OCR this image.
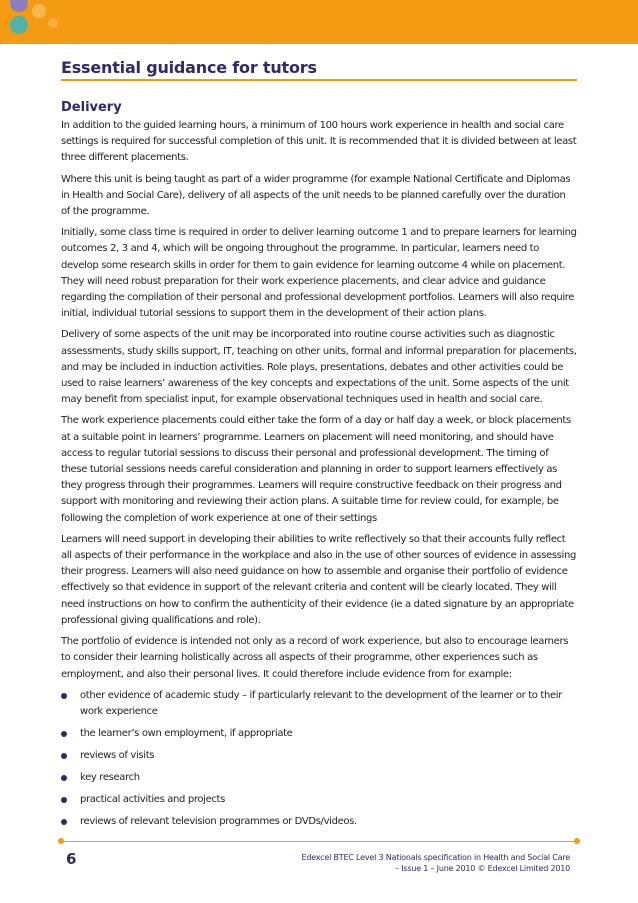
Essential guidance for tutors
Delivery

In addition to the guided learning hours, a minimum of 100 hours work experience in health and social care settings is required for successful completion of this unit. It is recommended that it is divided between at least three different placements.

Where this unit is being taught as part of a wider programme (for example National Certificate and Diplomas in Health and Social Care), delivery of all aspects of the unit needs to be planned carefully over the duration of the programme.

Initially, some class time is required in order to deliver learning outcome 1 and to prepare learners for learning outcomes 2, 3 and 4, which will be ongoing throughout the programme. In particular, learners need to develop some research skills in order for them to gain evidence for learning outcome 4 while on placement. They will need robust preparation for their work experience placements, and clear advice and guidance regarding the compilation of their personal and professional development portfolios. Learners will also require initial, individual tutorial sessions to support them in the development of their action plans.

Delivery of some aspects of the unit may be incorporated into routine course activities such as diagnostic assessments, study skills support, IT, teaching on other units, formal and informal preparation for placements, and may be included in induction activities. Role plays, presentations, debates and other activities could be used to raise learners’ awareness of the key concepts and expectations of the unit. Some aspects of the unit may benefit from specialist input, for example observational techniques used in health and social care.

The work experience placements could either take the form of a day or half day a week, or block placements at a suitable point in learners’ programme. Learners on placement will need monitoring, and should have access to regular tutorial sessions to discuss their personal and professional development. The timing of these tutorial sessions needs careful consideration and planning in order to support learners effectively as they progress through their programmes. Learners will require constructive feedback on their progress and support with monitoring and reviewing their action plans. A suitable time for review could, for example, be following the completion of work experience at one of their settings

Learners will need support in developing their abilities to write reflectively so that their accounts fully reflect all aspects of their performance in the workplace and also in the use of other sources of evidence in assessing their progress. Learners will also need guidance on how to assemble and organise their portfolio of evidence effectively so that evidence in support of the relevant criteria and content will be clearly located. They will need instructions on how to confirm the authenticity of their evidence (ie a dated signature by an appropriate professional giving qualifications and role).

The portfolio of evidence is intended not only as a record of work experience, but also to encourage learners to consider their learning holistically across all aspects of their programme, other experiences such as employment, and also their personal lives. It could therefore include evidence from for example:

other evidence of academic study – if particularly relevant to the development of the learner or to their work experience
the learner’s own employment, if appropriate
reviews of visits
key research
practical activities and projects
reviews of relevant television programmes or DVDs/videos.
6	Edexcel BTEC Level 3 Nationals specification in Health and Social Care
– Issue 1 – June 2010 © Edexcel Limited 2010
